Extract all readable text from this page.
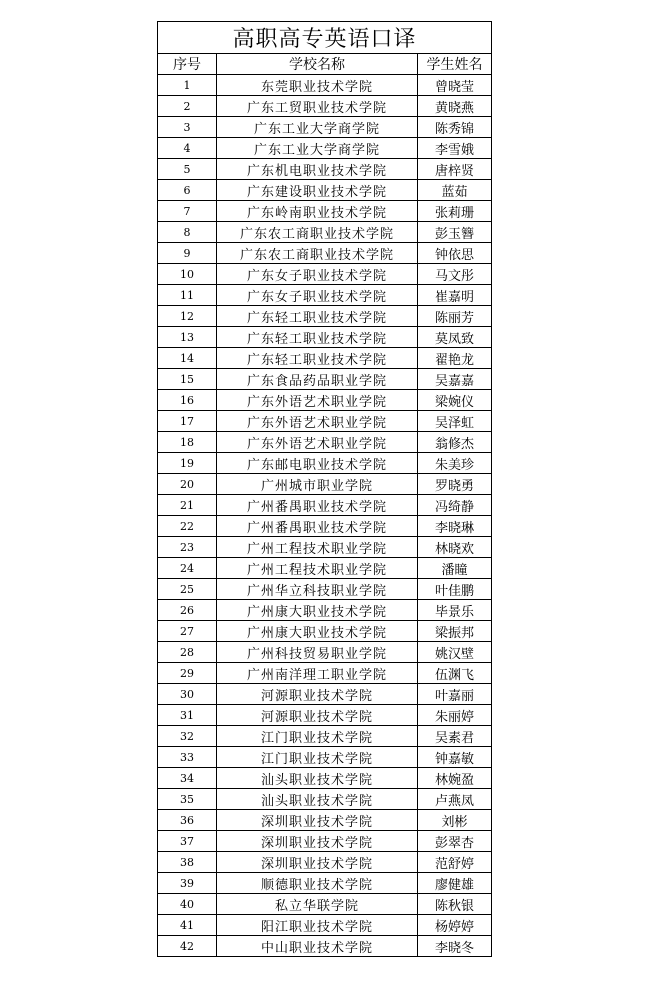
高职高专英语口译		
序号	学校名称	学生姓名
1	东莞职业技术学院	曾晓莹
2	广东工贸职业技术学院	黄晓燕
3	广东工业大学商学院	陈秀锦
4	广东工业大学商学院	李雪娥
5	广东机电职业技术学院	唐梓贤
6	广东建设职业技术学院	蓝茹
7	广东岭南职业技术学院	张莉珊
8	广东农工商职业技术学院	彭玉簪
9	广东农工商职业技术学院	钟依思
10	广东女子职业技术学院	马文彤
11	广东女子职业技术学院	崔嘉明
12	广东轻工职业技术学院	陈丽芳
13	广东轻工职业技术学院	莫凤致
14	广东轻工职业技术学院	翟艳龙
15	广东食品药品职业学院	吴嘉嘉
16	广东外语艺术职业学院	梁婉仪
17	广东外语艺术职业学院	吴泽虹
18	广东外语艺术职业学院	翁修杰
19	广东邮电职业技术学院	朱美珍
20	广州城市职业学院	罗晓勇
21	广州番禺职业技术学院	冯绮静
22	广州番禺职业技术学院	李晓琳
23	广州工程技术职业学院	林晓欢
24	广州工程技术职业学院	潘瞳
25	广州华立科技职业学院	叶佳鹏
26	广州康大职业技术学院	毕景乐
27	广州康大职业技术学院	梁振邦
28	广州科技贸易职业学院	姚汉壁
29	广州南洋理工职业学院	伍渊飞
30	河源职业技术学院	叶嘉丽
31	河源职业技术学院	朱丽婷
32	江门职业技术学院	吴素君
33	江门职业技术学院	钟嘉敏
34	汕头职业技术学院	林婉盈
35	汕头职业技术学院	卢燕凤
36	深圳职业技术学院	刘彬
37	深圳职业技术学院	彭翠杏
38	深圳职业技术学院	范舒婷
39	顺德职业技术学院	廖健雄
40	私立华联学院	陈秋银
41	阳江职业技术学院	杨婷婷
42	中山职业技术学院	李晓冬
